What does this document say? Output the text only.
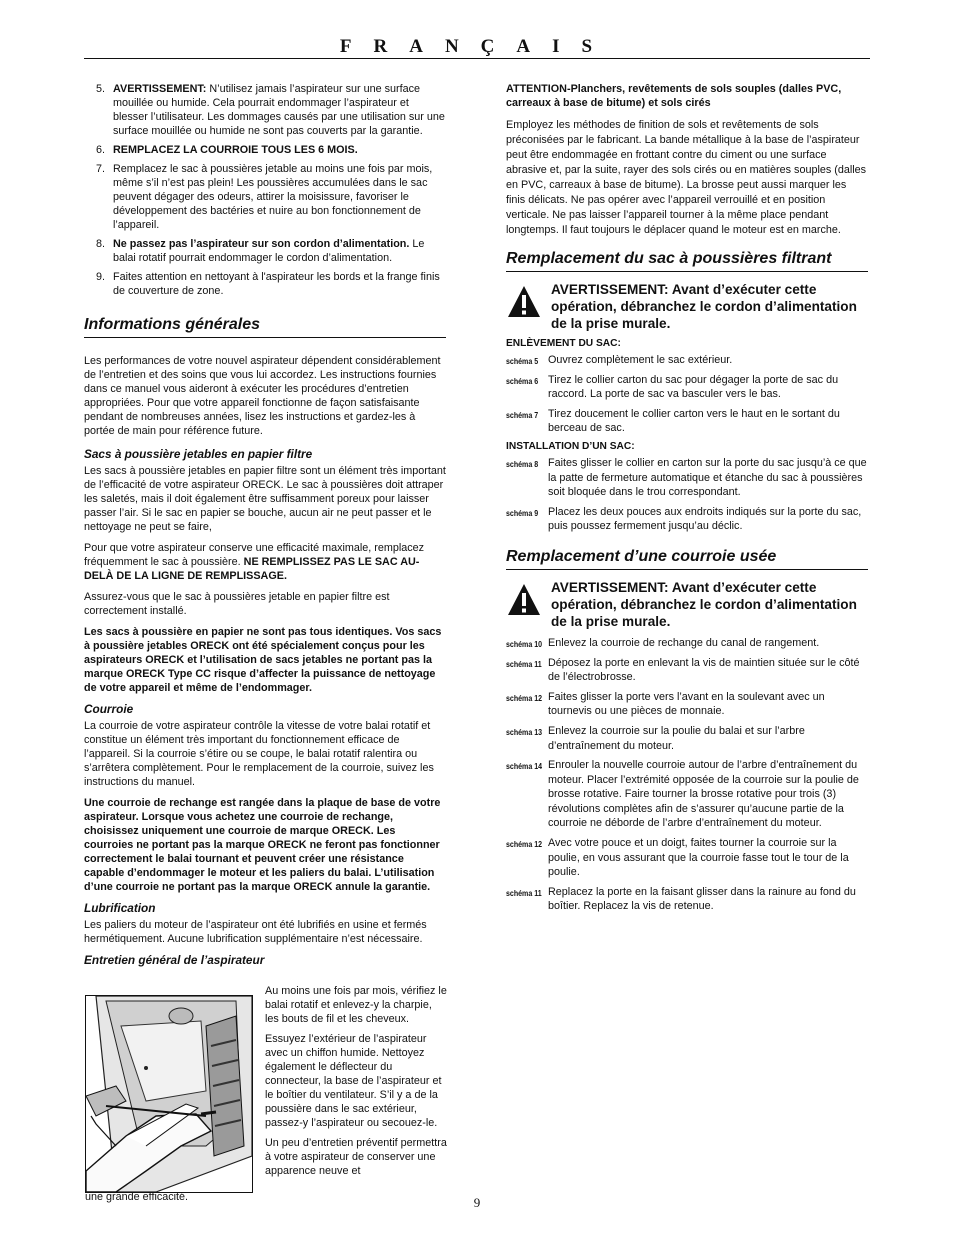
FRANÇAIS
5. AVERTISSEMENT: N’utilisez jamais l’aspirateur sur une surface mouillée ou humide. Cela pourrait endommager l’aspirateur et blesser l’utilisateur. Les dommages causés par une utilisation sur une surface mouillée ou humide ne sont pas couverts par la garantie.
6. REMPLACEZ LA COURROIE TOUS LES 6 MOIS.
7. Remplacez le sac à poussières jetable au moins une fois par mois, même s’il n’est pas plein! Les poussières accumulées dans le sac peuvent dégager des odeurs, attirer la moisissure, favoriser le développement des bactéries et nuire au bon fonctionnement de l’appareil.
8. Ne passez pas l’aspirateur sur son cordon d’alimentation. Le balai rotatif pourrait endommager le cordon d’alimentation.
9. Faites attention en nettoyant à l'aspirateur les bords et la frange finis de couverture de zone.
Informations générales

Les performances de votre nouvel aspirateur dépendent considérablement de l’entretien et des soins que vous lui accordez. Les instructions fournies dans ce manuel vous aideront à exécuter les procédures d’entretien appropriées. Pour que votre appareil fonctionne de façon satisfaisante pendant de nombreuses années, lisez les instructions et gardez-les à portée de main pour référence future.

Sacs à poussière jetables en papier filtre

Les sacs à poussière jetables en papier filtre sont un élément très important de l’efficacité de votre aspirateur ORECK. Le sac à poussières doit attraper les saletés, mais il doit également être suffisamment poreux pour laisser passer l’air. Si le sac en papier se bouche, aucun air ne peut passer et le nettoyage ne peut se faire,

Pour que votre aspirateur conserve une efficacité maximale, remplacez fréquemment le sac à poussière. NE REMPLISSEZ PAS LE SAC AU-DELÀ DE LA LIGNE DE REMPLISSAGE.

Assurez-vous que le sac à poussières jetable en papier filtre est correctement installé.

Les sacs à poussière en papier ne sont pas tous identiques. Vos sacs à poussière jetables ORECK ont été spécialement conçus pour les aspirateurs ORECK et l’utilisation de sacs jetables ne portant pas la marque ORECK Type CC risque d’affecter la puissance de nettoyage de votre appareil et même de l’endommager.

Courroie

La courroie de votre aspirateur contrôle la vitesse de votre balai rotatif et constitue un élément très important du fonctionnement efficace de l’appareil. Si la courroie s’étire ou se coupe, le balai rotatif ralentira ou s’arrêtera complètement. Pour le remplacement de la courroie, suivez les instructions du manuel.

Une courroie de rechange est rangée dans la plaque de base de votre aspirateur. Lorsque vous achetez une courroie de rechange, choisissez uniquement une courroie de marque ORECK. Les courroies ne portant pas la marque ORECK ne feront pas fonctionner correctement le balai tournant et peuvent créer une résistance capable d’endommager le moteur et les paliers du balai. L’utilisation d’une courroie ne portant pas la marque ORECK annule la garantie.

Lubrification

Les paliers du moteur de l’aspirateur ont été lubrifiés en usine et fermés hermétiquement. Aucune lubrification supplémentaire n’est nécessaire.

Entretien général de l’aspirateur

Au moins une fois par mois, vérifiez le balai rotatif et enlevez-y la charpie, les bouts de fil et les cheveux.

Essuyez l’extérieur de l’aspirateur avec un chiffon humide. Nettoyez également le déflecteur du connecteur, la base de l’aspirateur et le boîtier du ventilateur. S’il y a de la poussière dans le sac extérieur, passez-y l’aspirateur ou secouez-le.

Un peu d’entretien préventif permettra à votre aspirateur de conserver une apparence neuve et

une grande efficacité.

ATTENTION-Planchers, revêtements de sols souples (dalles PVC, carreaux à base de bitume) et sols cirés

Employez les méthodes de finition de sols et revêtements de sols préconisées par le fabricant. La bande métallique à la base de l’aspirateur peut être endommagée en frottant contre du ciment ou une surface abrasive et, par la suite, rayer des sols cirés ou en matières souples (dalles en PVC, carreaux à base de bitume). La brosse peut aussi marquer les finis délicats. Ne pas opérer avec l’appareil verrouillé et en position verticale. Ne pas laisser l’appareil tourner à la même place pendant longtemps. Il faut toujours le déplacer quand le moteur est en marche.

Remplacement du sac à poussières filtrant
AVERTISSEMENT: Avant d’exécuter cette opération, débranchez le cordon d’alimentation de la prise murale.
ENLÈVEMENT DU SAC:
schéma 5 Ouvrez complètement le sac extérieur.
schéma 6 Tirez le collier carton du sac pour dégager la porte de sac du raccord. La porte de sac va basculer vers le bas.
schéma 7 Tirez doucement le collier carton vers le haut en le sortant du berceau de sac.
INSTALLATION D’UN SAC:
schéma 8 Faites glisser le collier en carton sur la porte du sac jusqu’à ce que la patte de fermeture automatique et étanche du sac à poussières soit bloquée dans le trou correspondant.
schéma 9 Placez les deux pouces aux endroits indiqués sur la porte du sac, puis poussez fermement jusqu’au déclic.
Remplacement d’une courroie usée
AVERTISSEMENT: Avant d’exécuter cette opération, débranchez le cordon d’alimentation de la prise murale.
schéma 10 Enlevez la courroie de rechange du canal de rangement.
schéma 11 Déposez la porte en enlevant la vis de maintien située sur le côté de l’électrobrosse.
schéma 12 Faites glisser la porte vers l’avant en la soulevant avec un tournevis ou une pièces de monnaie.
schéma 13 Enlevez la courroie sur la poulie du balai et sur l’arbre d’entraînement du moteur.
schéma 14 Enrouler la nouvelle courroie autour de l’arbre d’entraînement du moteur. Placer l’extrémité opposée de la courroie sur la poulie de brosse rotative. Faire tourner la brosse rotative pour trois (3) révolutions complètes afin de s’assurer qu’aucune partie de la courroie ne déborde de l’arbre d’entraînement du moteur.
schéma 12 Avec votre pouce et un doigt, faites tourner la courroie sur la poulie, en vous assurant que la courroie fasse tout le tour de la poulie.
schéma 11 Replacez la porte en la faisant glisser dans la rainure au fond du boîtier. Replacez la vis de retenue.
9
